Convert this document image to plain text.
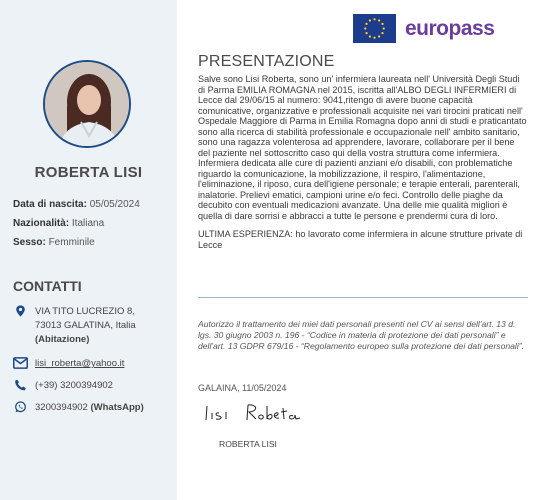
ROBERTA LISI
Data di nascita: 05/05/2024
Nazionalità: Italiana
Sesso: Femminile
CONTATTI
VIA TITO LUCREZIO 8,
73013 GALATINA, Italia
(Abitazione)
lisi_roberta@yahoo.it
(+39) 3200394902
3200394902 (WhatsApp)
europass
PRESENTAZIONE
Salve sono Lisi Roberta, sono un' infermiera laureata nell' Università Degli Studi di Parma EMILIA ROMAGNA nel 2015, iscritta all'ALBO DEGLI INFERMIERI di Lecce dal 29/06/15 al numero: 9041,ritengo di avere buone capacità comunicative, organizzative e professionali acquisite nei vari tirocini praticati nell' Ospedale Maggiore di Parma in Emilia Romagna dopo anni di studi e praticantato sono alla ricerca di stabilità professionale e occupazionale nell' ambito sanitario, sono una ragazza volenterosa ad apprendere, lavorare, collaborare per il bene del paziente nel sottoscritto caso qui della vostra struttura come infermiera.
Infermiera dedicata alle cure di pazienti anziani e/o disabili, con problematiche riguardo la comunicazione, la mobilizzazione, il respiro, l'alimentazione, l'eliminazione, il riposo, cura dell'igiene personale; e terapie enterali, parenterali, inalatorie. Prelievi ematici, campioni urine e/o feci. Controllo delle piaghe da decubito con eventuali medicazioni avanzate. Una delle mie qualità migliori è quella di dare sorrisi e abbracci a tutte le persone e prendermi cura di loro.
ULTIMA ESPERIENZA: ho lavorato come infermiera in alcune strutture private di Lecce
Autorizzo il trattamento dei miei dati personali presenti nel CV ai sensi dell'art. 13 d. lgs. 30 giugno 2003 n. 196 - “Codice in materia di protezione dei dati personali” e dell'art. 13 GDPR 679/16 - “Regolamento europeo sulla protezione dei dati personali”.
GALAINA, 11/05/2024
ROBERTA LISI
